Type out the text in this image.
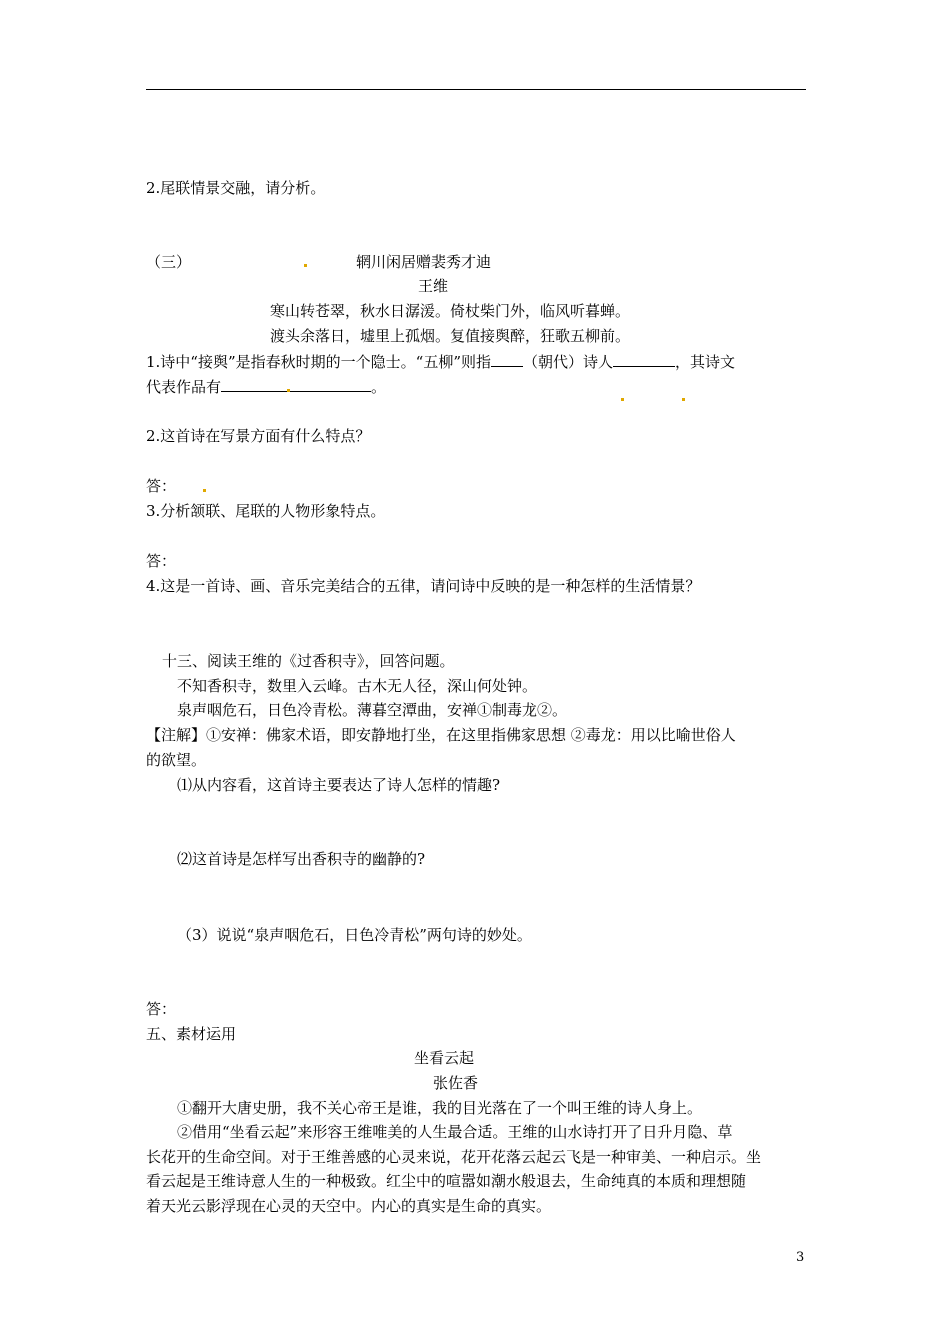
2.尾联情景交融，请分析。
（三）	辋川闲居赠裴秀才迪
王维
寒山转苍翠，秋水日潺湲。倚杖柴门外，临风听暮蝉。
渡头余落日，墟里上孤烟。复值接舆醉，狂歌五柳前。
1.诗中“接舆”是指春秋时期的一个隐士。“五柳”则指 （朝代）诗人	，其诗文
代表作品有	。
2.这首诗在写景方面有什么特点？
答：
3.分析颔联、尾联的人物形象特点。
答：
4.这是一首诗、画、音乐完美结合的五律，请问诗中反映的是一种怎样的生活情景？
十三、阅读王维的《过香积寺》，回答问题。
不知香积寺，数里入云峰。古木无人径，深山何处钟。
泉声咽危石，日色冷青松。薄暮空潭曲，安禅①制毒龙②。
【注解】①安禅：佛家术语，即安静地打坐，在这里指佛家思想 ②毒龙：用以比喻世俗人
的欲望。
⑴从内容看，这首诗主要表达了诗人怎样的情趣?
⑵这首诗是怎样写出香积寺的幽静的?
（3）说说“泉声咽危石，日色冷青松”两句诗的妙处。
答：
五、素材运用
坐看云起
张佐香
①翻开大唐史册，我不关心帝王是谁，我的目光落在了一个叫王维的诗人身上。
②借用“坐看云起”来形容王维唯美的人生最合适。王维的山水诗打开了日升月隐、草
长花开的生命空间。对于王维善感的心灵来说，花开花落云起云飞是一种审美、一种启示。坐
看云起是王维诗意人生的一种极致。红尘中的喧嚣如潮水般退去，生命纯真的本质和理想随
着天光云影浮现在心灵的天空中。内心的真实是生命的真实。
3
